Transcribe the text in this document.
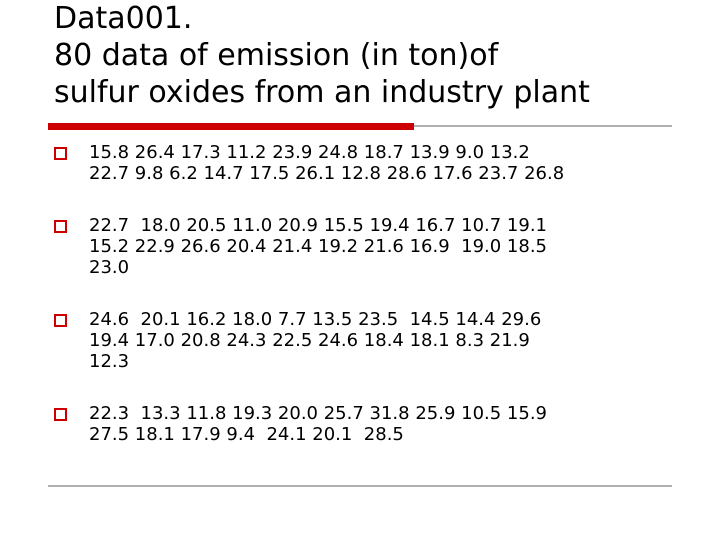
Data001.
80 data of emission (in ton)of
sulfur oxides from an industry plant
15.8 26.4 17.3 11.2 23.9 24.8 18.7 13.9 9.0 13.2
22.7 9.8 6.2 14.7 17.5 26.1 12.8 28.6 17.6 23.7 26.8
22.7  18.0 20.5 11.0 20.9 15.5 19.4 16.7 10.7 19.1
15.2 22.9 26.6 20.4 21.4 19.2 21.6 16.9  19.0 18.5
23.0
24.6  20.1 16.2 18.0 7.7 13.5 23.5  14.5 14.4 29.6
19.4 17.0 20.8 24.3 22.5 24.6 18.4 18.1 8.3 21.9
12.3
22.3  13.3 11.8 19.3 20.0 25.7 31.8 25.9 10.5 15.9
27.5 18.1 17.9 9.4  24.1 20.1  28.5
